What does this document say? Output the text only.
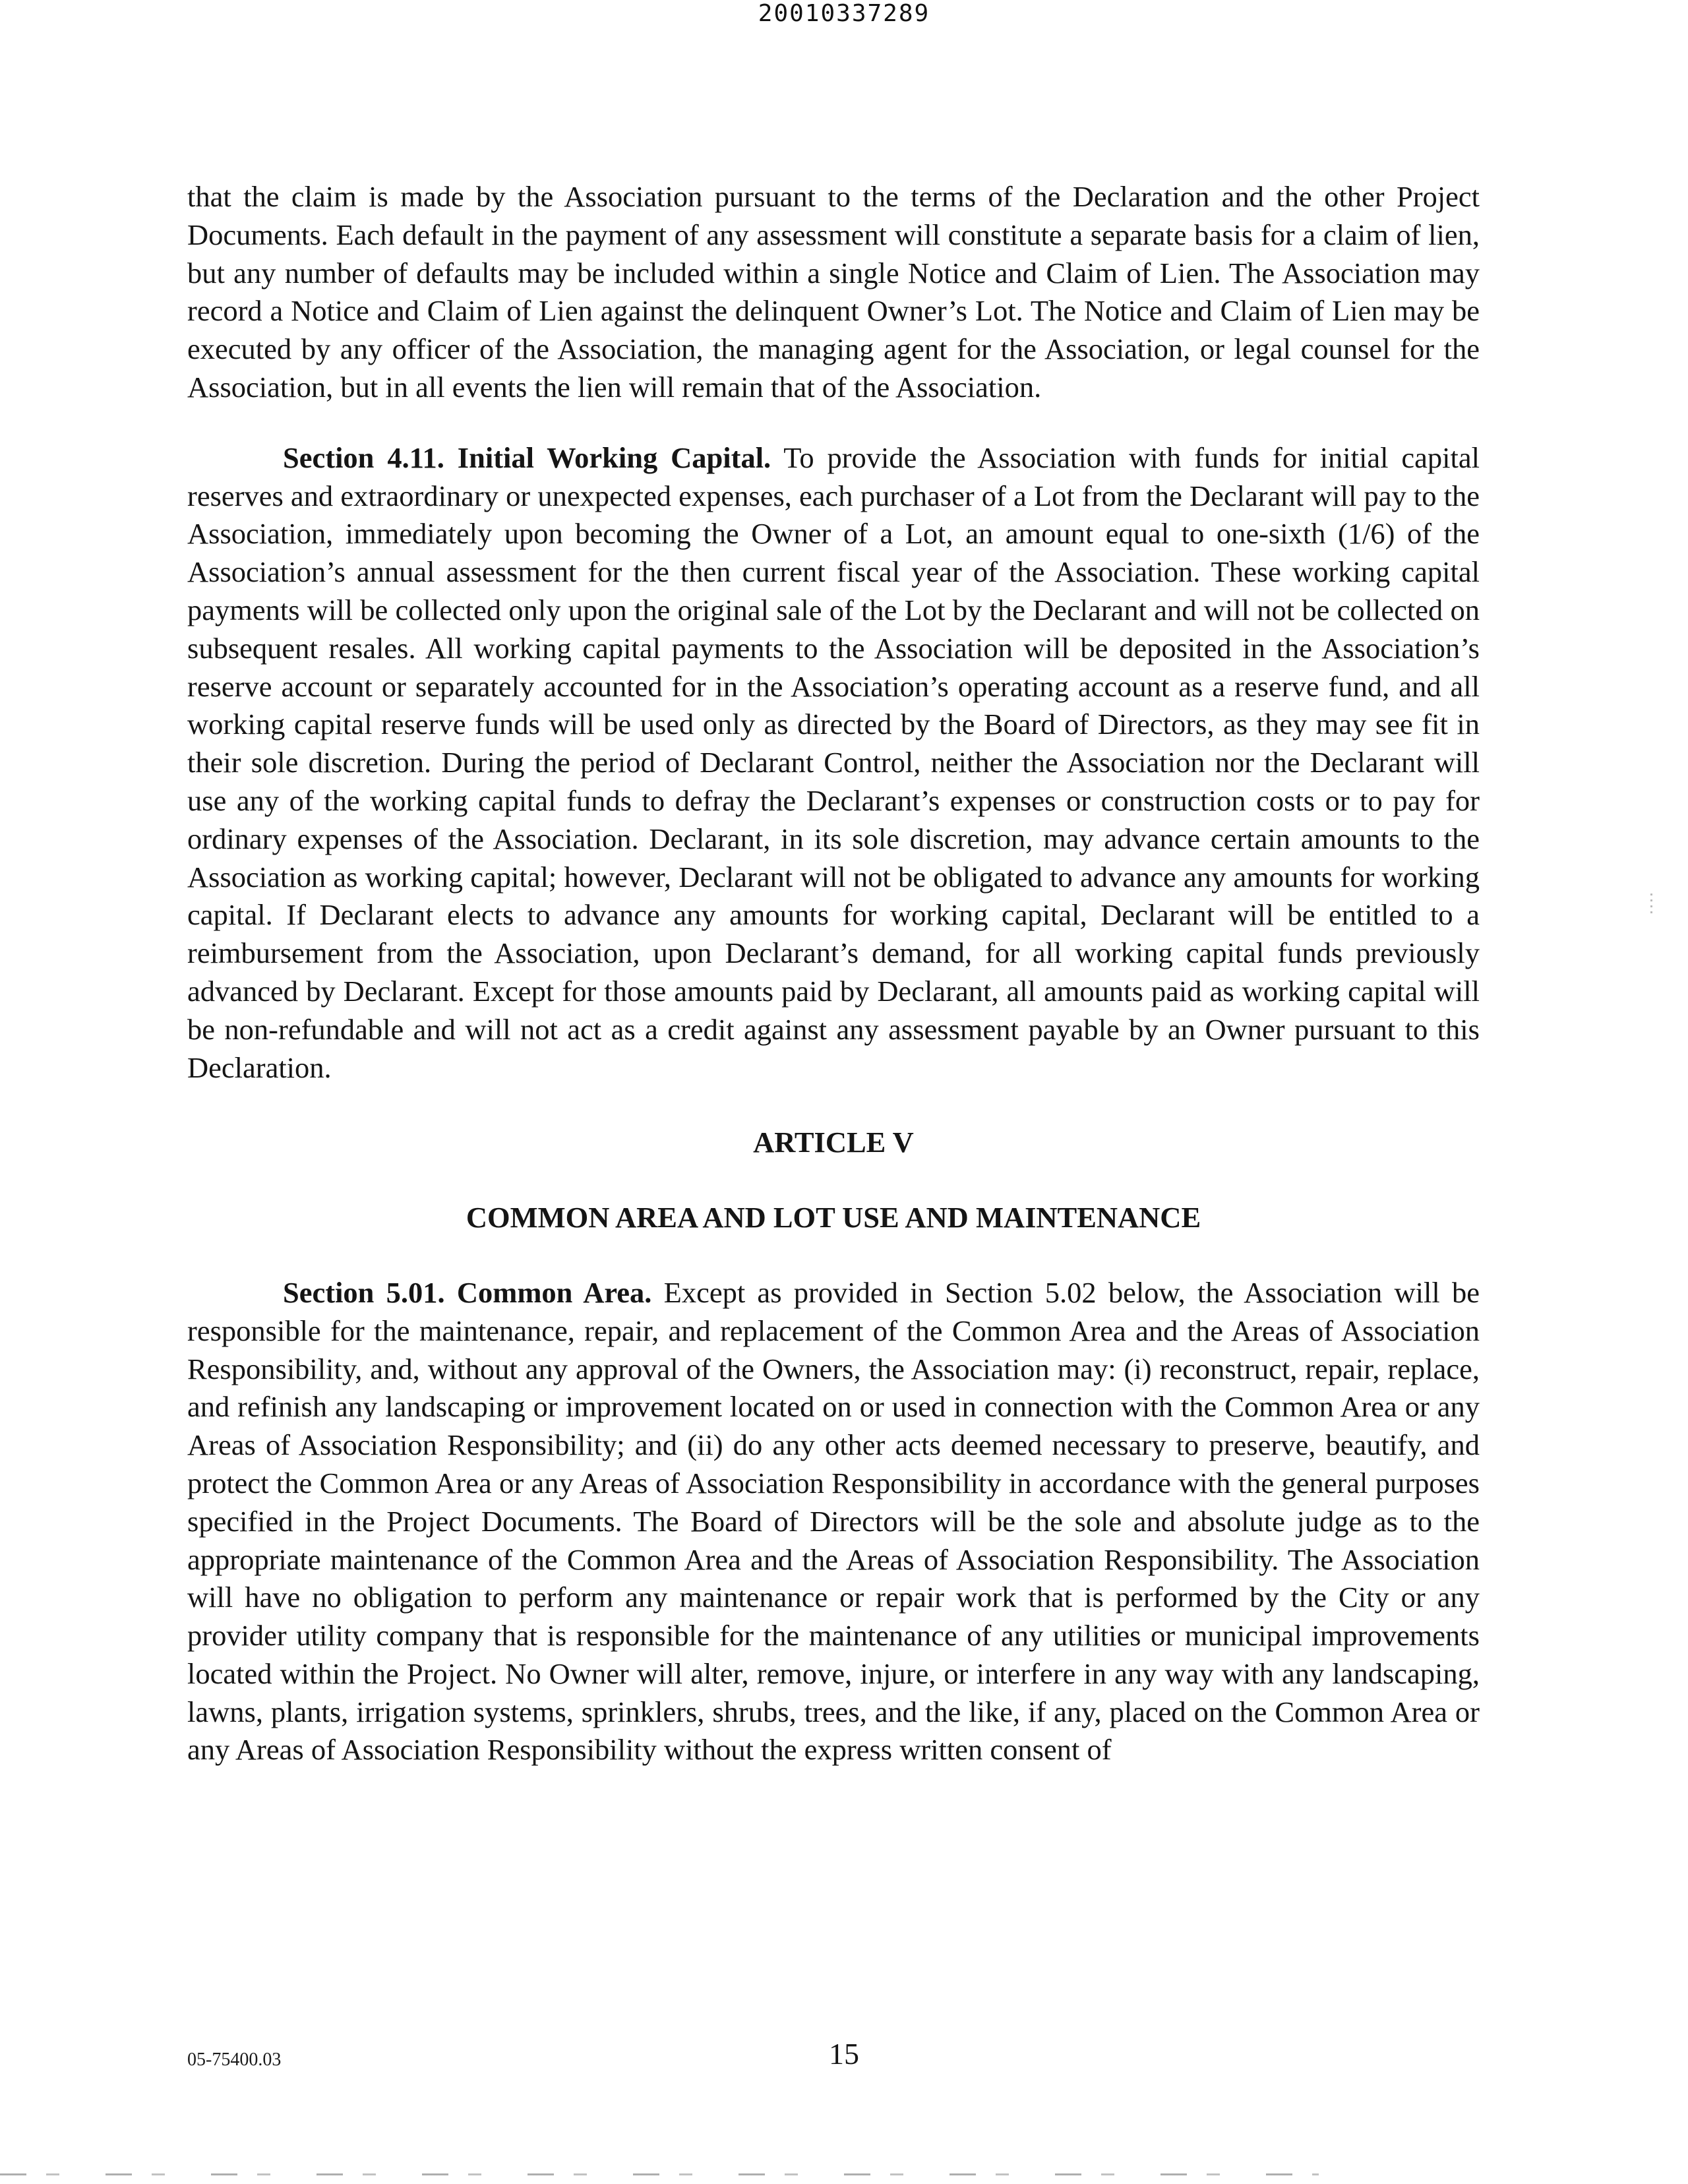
20010337289

that the claim is made by the Association pursuant to the terms of the Declaration and the other Project Documents. Each default in the payment of any assessment will constitute a separate basis for a claim of lien, but any number of defaults may be included within a single Notice and Claim of Lien. The Association may record a Notice and Claim of Lien against the delinquent Owner’s Lot. The Notice and Claim of Lien may be executed by any officer of the Association, the managing agent for the Association, or legal counsel for the Association, but in all events the lien will remain that of the Association.

Section 4.11. Initial Working Capital. To provide the Association with funds for initial capital reserves and extraordinary or unexpected expenses, each purchaser of a Lot from the Declarant will pay to the Association, immediately upon becoming the Owner of a Lot, an amount equal to one-sixth (1/6) of the Association’s annual assessment for the then current fiscal year of the Association. These working capital payments will be collected only upon the original sale of the Lot by the Declarant and will not be collected on subsequent resales. All working capital payments to the Association will be deposited in the Association’s reserve account or separately accounted for in the Association’s operating account as a reserve fund, and all working capital reserve funds will be used only as directed by the Board of Directors, as they may see fit in their sole discretion. During the period of Declarant Control, neither the Association nor the Declarant will use any of the working capital funds to defray the Declarant’s expenses or construction costs or to pay for ordinary expenses of the Association. Declarant, in its sole discretion, may advance certain amounts to the Association as working capital; however, Declarant will not be obligated to advance any amounts for working capital. If Declarant elects to advance any amounts for working capital, Declarant will be entitled to a reimbursement from the Association, upon Declarant’s demand, for all working capital funds previously advanced by Declarant. Except for those amounts paid by Declarant, all amounts paid as working capital will be non-refundable and will not act as a credit against any assessment payable by an Owner pursuant to this Declaration.

ARTICLE V

COMMON AREA AND LOT USE AND MAINTENANCE

Section 5.01. Common Area. Except as provided in Section 5.02 below, the Association will be responsible for the maintenance, repair, and replacement of the Common Area and the Areas of Association Responsibility, and, without any approval of the Owners, the Association may: (i) reconstruct, repair, replace, and refinish any landscaping or improvement located on or used in connection with the Common Area or any Areas of Association Responsibility; and (ii) do any other acts deemed necessary to preserve, beautify, and protect the Common Area or any Areas of Association Responsibility in accordance with the general purposes specified in the Project Documents. The Board of Directors will be the sole and absolute judge as to the appropriate maintenance of the Common Area and the Areas of Association Responsibility. The Association will have no obligation to perform any maintenance or repair work that is performed by the City or any provider utility company that is responsible for the maintenance of any utilities or municipal improvements located within the Project. No Owner will alter, remove, injure, or interfere in any way with any landscaping, lawns, plants, irrigation systems, sprinklers, shrubs, trees, and the like, if any, placed on the Common Area or any Areas of Association Responsibility without the express written consent of

05-75400.03	15
